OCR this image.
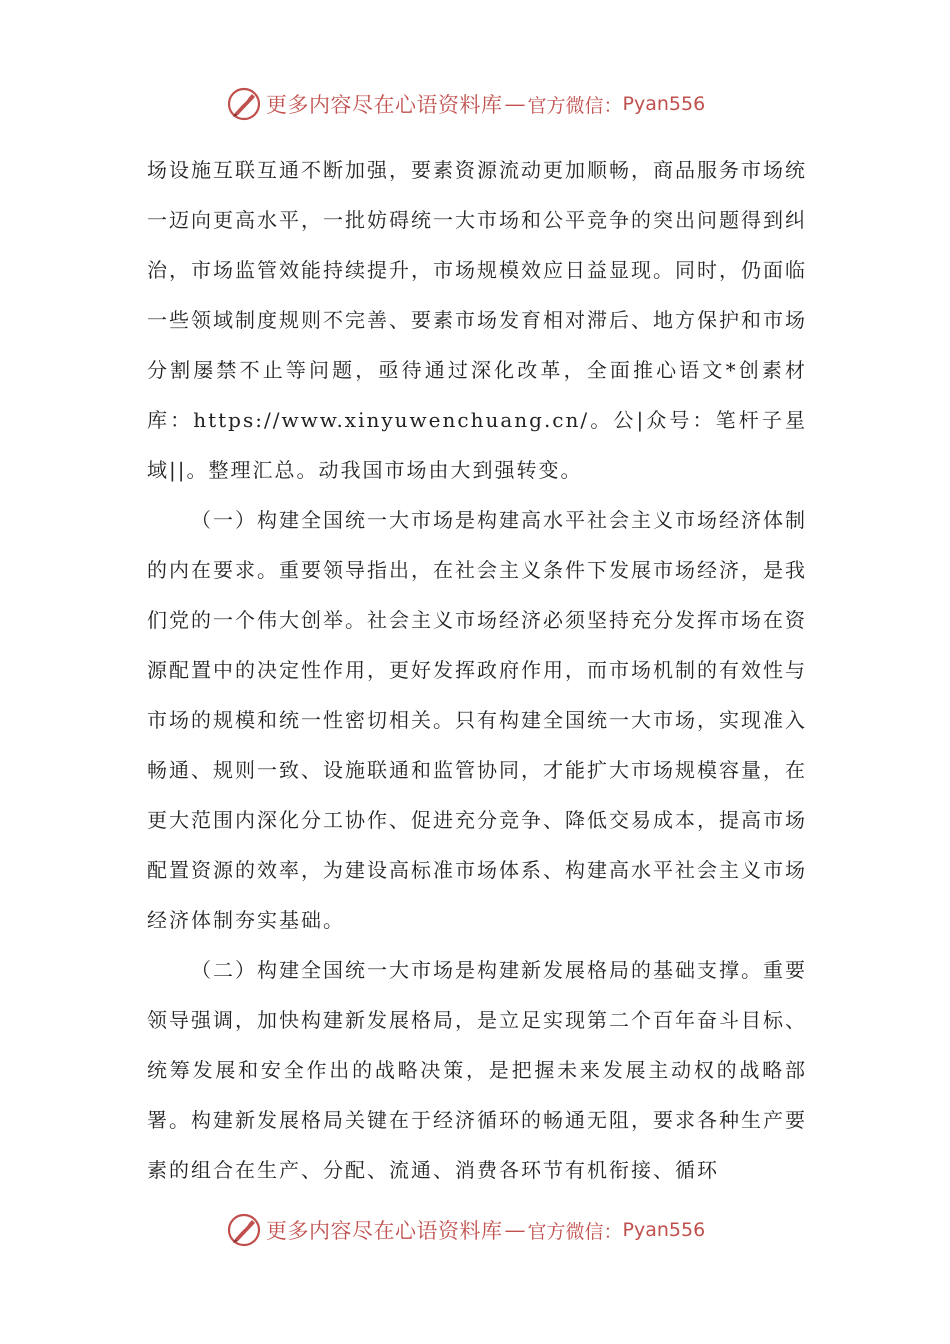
更多内容尽在心语资料库 — 官方微信： Pyan556

场设施互联互通不断加强，要素资源流动更加顺畅，商品服务市场统一迈向更高水平，一批妨碍统一大市场和公平竞争的突出问题得到纠治，市场监管效能持续提升，市场规模效应日益显现。同时，仍面临一些领域制度规则不完善、要素市场发育相对滞后、地方保护和市场分割屡禁不止等问题，亟待通过深化改革，全面推心语文*创素材库：https://www.xinyuwenchuang.cn/。公|众号：笔杆子星域||。整理汇总。动我国市场由大到强转变。

（一）构建全国统一大市场是构建高水平社会主义市场经济体制的内在要求。重要领导指出，在社会主义条件下发展市场经济，是我们党的一个伟大创举。社会主义市场经济必须坚持充分发挥市场在资源配置中的决定性作用，更好发挥政府作用，而市场机制的有效性与市场的规模和统一性密切相关。只有构建全国统一大市场，实现准入畅通、规则一致、设施联通和监管协同，才能扩大市场规模容量，在更大范围内深化分工协作、促进充分竞争、降低交易成本，提高市场配置资源的效率，为建设高标准市场体系、构建高水平社会主义市场经济体制夯实基础。

（二）构建全国统一大市场是构建新发展格局的基础支撑。重要领导强调，加快构建新发展格局，是立足实现第二个百年奋斗目标、统筹发展和安全作出的战略决策，是把握未来发展主动权的战略部署。构建新发展格局关键在于经济循环的畅通无阻，要求各种生产要素的组合在生产、分配、流通、消费各环节有机衔接、循环

更多内容尽在心语资料库 — 官方微信： Pyan556
